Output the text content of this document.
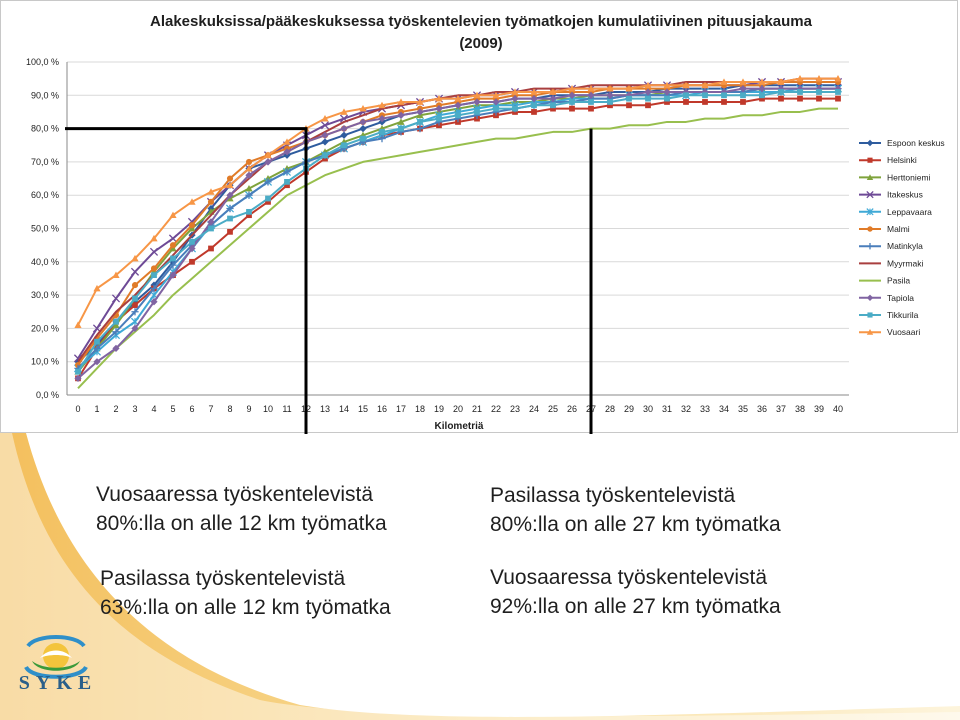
Alakeskuksissa/pääkeskuksessa työskentelevien työmatkojen kumulatiivinen pituusjakauma
(2009)
0,0 %
10,0 %
20,0 %
30,0 %
40,0 %
50,0 %
60,0 %
70,0 %
80,0 %
90,0 %
100,0 %
0 1 2 3 4 5 6 7 8 9 10 11 12 13 14 15 16 17 18 19 20 21 22 23 24 25 26 27 28 29 30 31 32 33 34 35 36 37 38 39 40
Espoon keskus
Helsinki
Herttoniemi
Itakeskus
Leppavaara
Malmi
Matinkyla
Myyrmaki
Pasila
Tapiola
Tikkurila
Vuosaari
Kilometriä
Vuosaaressa työskentelevistä
80%:lla on alle 12 km työmatka
Pasilassa työskentelevistä
63%:lla on alle 12 km työmatka
Pasilassa työskentelevistä
80%:lla on alle 27 km työmatka
Vuosaaressa työskentelevistä
92%:lla on alle 27 km työmatka
SYKE
